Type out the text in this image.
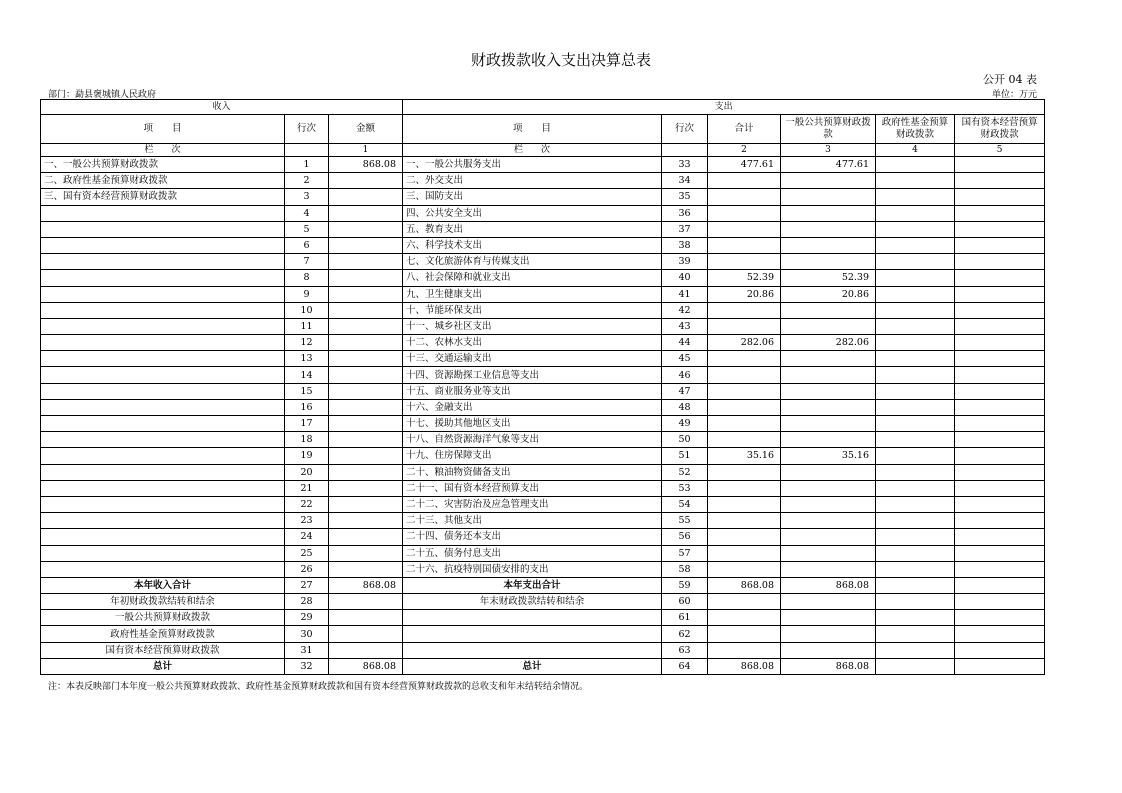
财政拨款收入支出决算总表
公开 04 表
部门：勐县褒城镇人民政府	单位：万元
收入			支出					
项　　目	行次	金额	项　　目	行次	合计	一般公共预算财政拨款	政府性基金预算财政拨款	国有资本经营预算财政拨款
栏　　次		1	栏　　次		2	3	4	5
一、一般公共预算财政拨款	1	868.08	一、一般公共服务支出	33	477.61	477.61		
二、政府性基金预算财政拨款	2		二、外交支出	34				
三、国有资本经营预算财政拨款	3		三、国防支出	35				
	4		四、公共安全支出	36				
	5		五、教育支出	37				
	6		六、科学技术支出	38				
	7		七、文化旅游体育与传媒支出	39				
	8		八、社会保障和就业支出	40	52.39	52.39		
	9		九、卫生健康支出	41	20.86	20.86		
	10		十、节能环保支出	42				
	11		十一、城乡社区支出	43				
	12		十二、农林水支出	44	282.06	282.06		
	13		十三、交通运输支出	45				
	14		十四、资源勘探工业信息等支出	46				
	15		十五、商业服务业等支出	47				
	16		十六、金融支出	48				
	17		十七、援助其他地区支出	49				
	18		十八、自然资源海洋气象等支出	50				
	19		十九、住房保障支出	51	35.16	35.16		
	20		二十、粮油物资储备支出	52				
	21		二十一、国有资本经营预算支出	53				
	22		二十二、灾害防治及应急管理支出	54				
	23		二十三、其他支出	55				
	24		二十四、债务还本支出	56				
	25		二十五、债务付息支出	57				
	26		二十六、抗疫特别国债安排的支出	58				
本年收入合计	27	868.08	本年支出合计	59	868.08	868.08		
年初财政拨款结转和结余	28		年末财政拨款结转和结余	60				
一般公共预算财政拨款	29			61				
政府性基金预算财政拨款	30			62				
国有资本经营预算财政拨款	31			63				
总计	32	868.08	总计	64	868.08	868.08		
注：本表反映部门本年度一般公共预算财政拨款、政府性基金预算财政拨款和国有资本经营预算财政拨款的总收支和年末结转结余情况。
